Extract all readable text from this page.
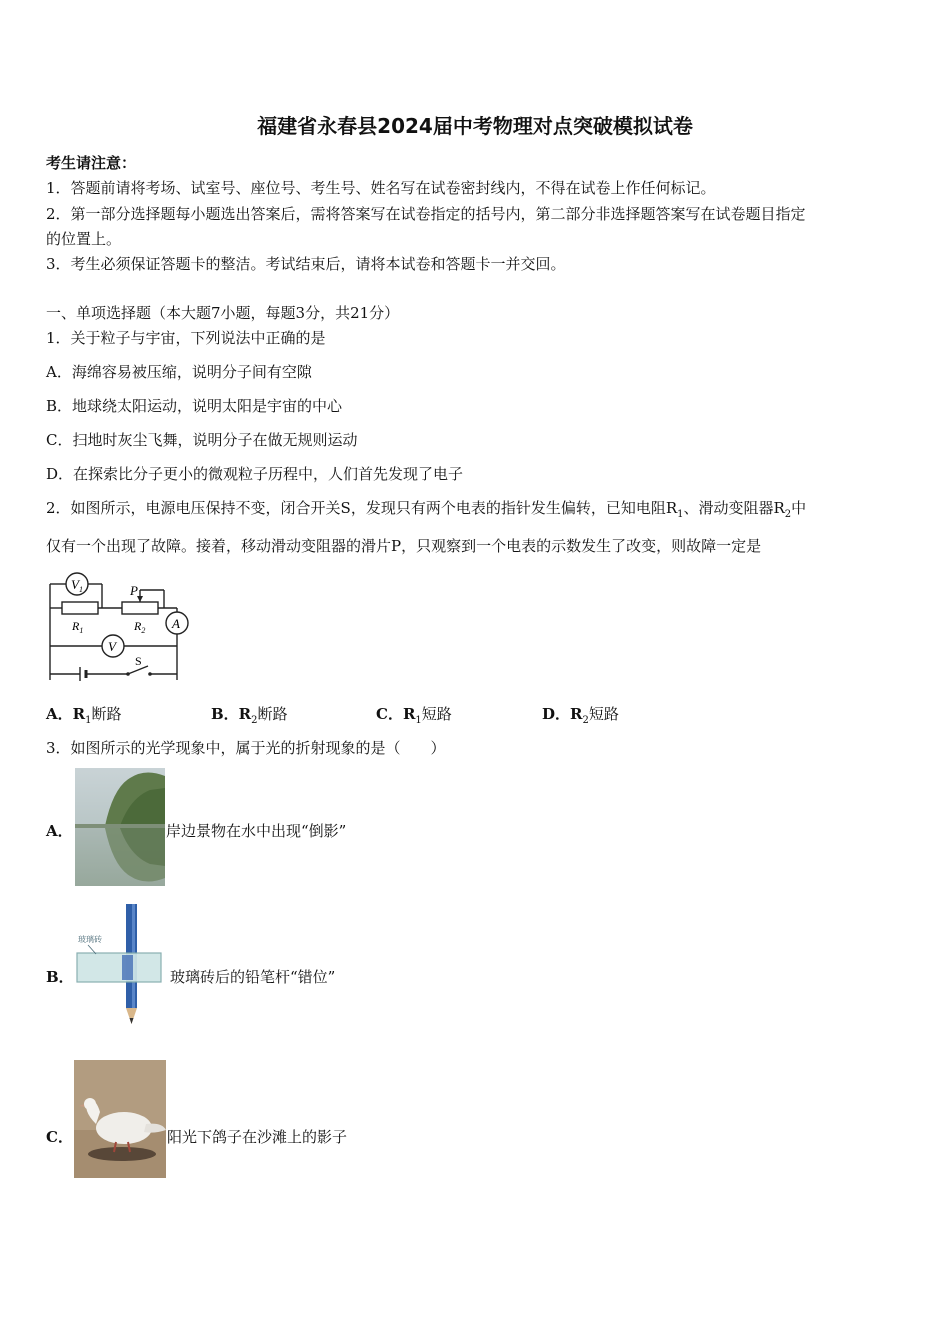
福建省永春县2024届中考物理对点突破模拟试卷
考生请注意：
1．答题前请将考场、试室号、座位号、考生号、姓名写在试卷密封线内，不得在试卷上作任何标记。
2．第一部分选择题每小题选出答案后，需将答案写在试卷指定的括号内，第二部分非选择题答案写在试卷题目指定
的位置上。
3．考生必须保证答题卡的整洁。考试结束后，请将本试卷和答题卡一并交回。
一、单项选择题（本大题7小题，每题3分，共21分）
1．关于粒子与宇宙，下列说法中正确的是
A．海绵容易被压缩，说明分子间有空隙
B．地球绕太阳运动，说明太阳是宇宙的中心
C．扫地时灰尘飞舞，说明分子在做无规则运动
D．在探索比分子更小的微观粒子历程中，人们首先发现了电子
2．如图所示，电源电压保持不变，闭合开关S，发现只有两个电表的指针发生偏转，已知电阻$R_1$、滑动变阻器$R_2$中
仅有一个出现了故障。接着，移动滑动变阻器的滑片P，只观察到一个电表的示数发生了改变，则故障一定是
$V_1$
$R_1$	$R_2$
P
A
V
S
A．$R_1$断路	B．$R_2$断路	C．$R_1$短路	D．$R_2$短路
3．如图所示的光学现象中，属于光的折射现象的是（　　）
A．	岸边景物在水中出现“倒影”
B．
玻璃砖
玻璃砖后的铅笔杆“错位”
C．	阳光下鸽子在沙滩上的影子
